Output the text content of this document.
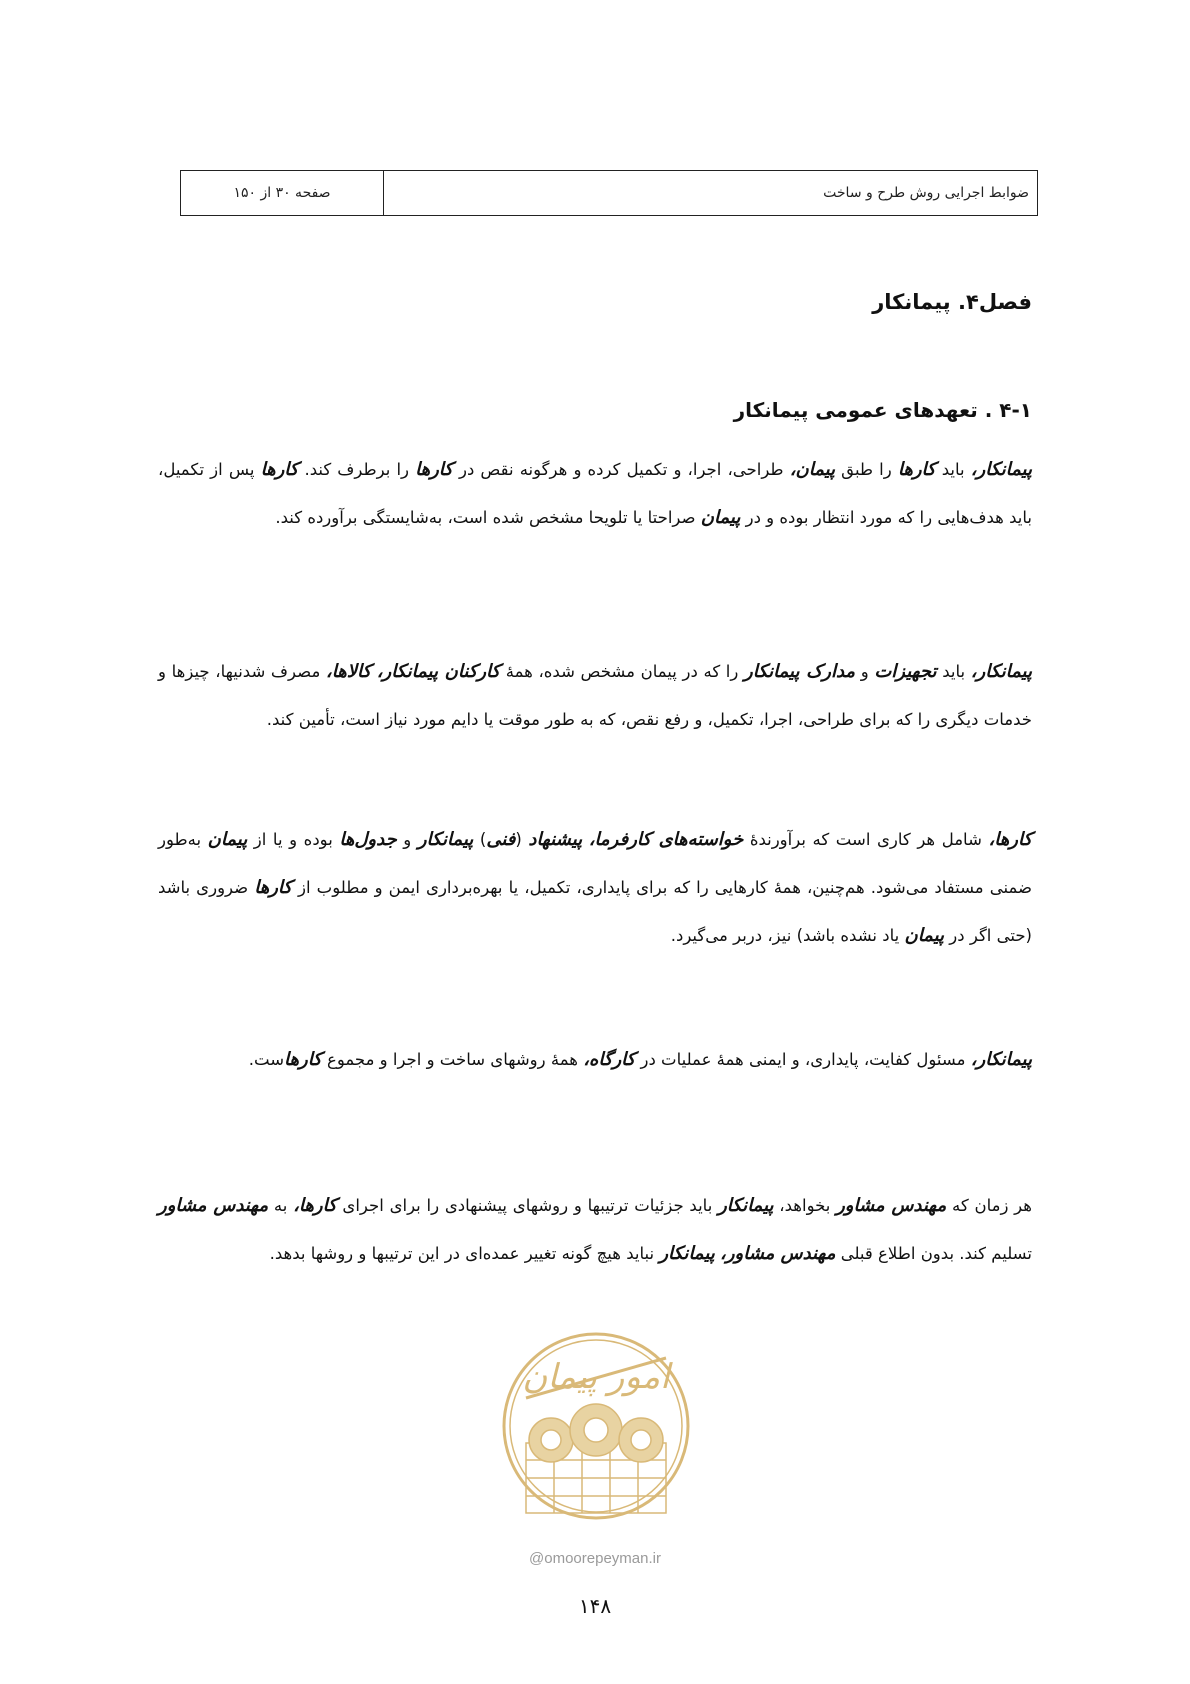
ضوابط اجرایی روش طرح و ساخت
صفحه ۳۰ از ۱۵۰
فصل۴. پیمانکار
۴-۱ . تعهدهای عمومی پیمانکار

پیمانکار، باید کارها را طبق پیمان، طراحی، اجرا، و تکمیل کرده و هرگونه نقص در کارها را برطرف کند. کارها پس از تکمیل، باید هدف‌هایی را که مورد انتظار بوده و در پیمان صراحتا یا تلویحا مشخص شده است، به‌شایستگی برآورده کند.

پیمانکار، باید تجهیزات و مدارک پیمانکار را که در پیمان مشخص شده، همهٔ کارکنان پیمانکار، کالاها، مصرف شدنیها، چیزها و خدمات دیگری را که برای طراحی، اجرا، تکمیل، و رفع نقص، که به طور موقت یا دایم مورد نیاز است، تأمین کند.

کارها، شامل هر کاری است که برآورندهٔ خواسته‌های کارفرما، پیشنهاد (فنی) پیمانکار و جدول‌ها بوده و یا از پیمان به‌طور ضمنی مستفاد می‌شود. هم‌چنین، همهٔ کارهایی را که برای پایداری، تکمیل، یا بهره‌برداری ایمن و مطلوب از کارها ضروری باشد (حتی اگر در پیمان یاد نشده باشد) نیز، دربر می‌گیرد.

پیمانکار، مسئول کفایت، پایداری، و ایمنی همهٔ عملیات در کارگاه، همهٔ روشهای ساخت و اجرا و مجموع کارهاست.

هر زمان که مهندس مشاور بخواهد، پیمانکار باید جزئیات ترتیبها و روشهای پیشنهادی را برای اجرای کارها، به مهندس مشاور تسلیم کند. بدون اطلاع قبلی مهندس مشاور، پیمانکار نباید هیچ گونه تغییر عمده‌ای در این ترتیبها و روشها بدهد.

امور پیمان
@omoorepeyman.ir
۱۴۸
